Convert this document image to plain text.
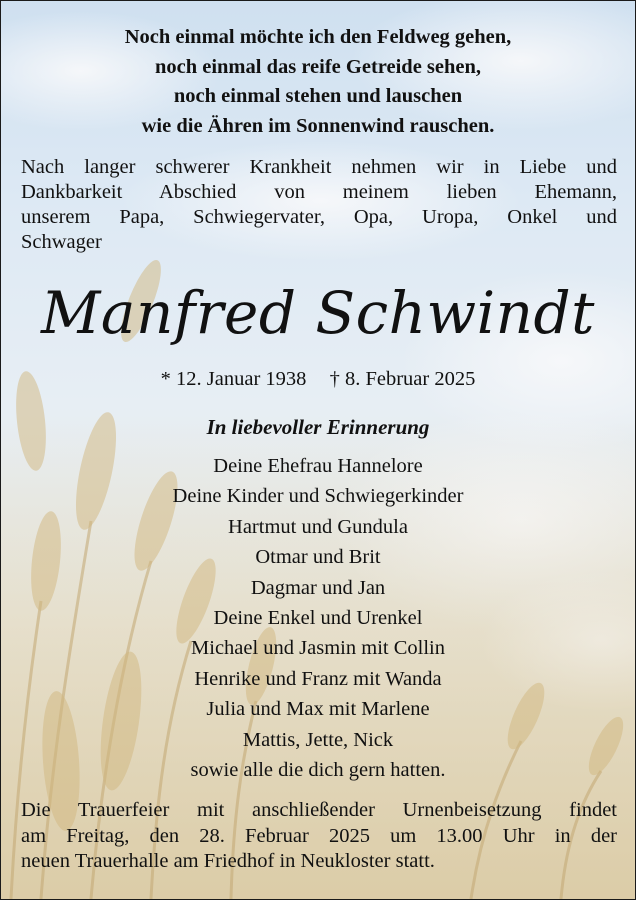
Noch einmal möchte ich den Feldweg gehen,
noch einmal das reife Getreide sehen,
noch einmal stehen und lauschen
wie die Ähren im Sonnenwind rauschen.
Nach langer schwerer Krankheit nehmen wir in Liebe und
Dankbarkeit Abschied von meinem lieben Ehemann,
unserem Papa, Schwiegervater, Opa, Uropa, Onkel und
Schwager
Manfred Schwindt
* 12. Januar 1938 † 8. Februar 2025
In liebevoller Erinnerung
Deine Ehefrau Hannelore
Deine Kinder und Schwiegerkinder
Hartmut und Gundula
Otmar und Brit
Dagmar und Jan
Deine Enkel und Urenkel
Michael und Jasmin mit Collin
Henrike und Franz mit Wanda
Julia und Max mit Marlene
Mattis, Jette, Nick
sowie alle die dich gern hatten.
Die Trauerfeier mit anschließender Urnenbeisetzung findet
am Freitag, den 28. Februar 2025 um 13.00 Uhr in der
neuen Trauerhalle am Friedhof in Neukloster statt.
